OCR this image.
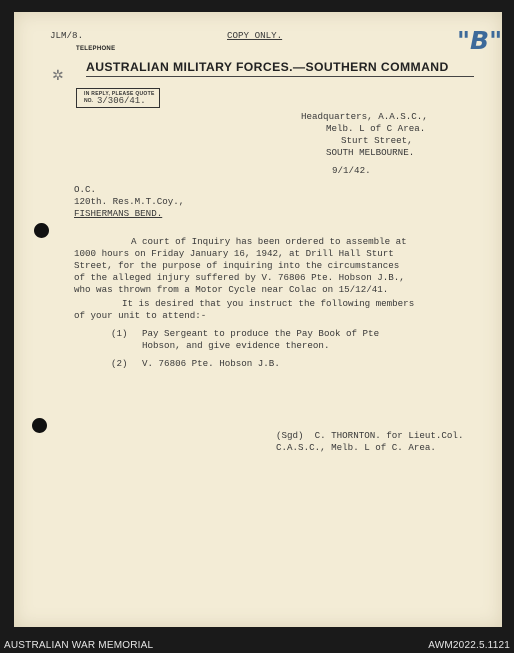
✲
JLM/8.	COPY ONLY.	"B"
TELEPHONE
AUSTRALIAN MILITARY FORCES.—SOUTHERN COMMAND
IN REPLY, PLEASE QUOTE
NO. 3/306/41.
Headquarters, A.A.S.C.,
Melb. L of C Area.
Sturt Street,
SOUTH MELBOURNE.
9/1/42.
O.C.
120th. Res.M.T.Coy.,
FISHERMANS BEND.
A court of Inquiry has been ordered to assemble at
1000 hours on Friday January 16, 1942, at Drill Hall Sturt
Street, for the purpose of inquiring into the circumstances
of the alleged injury suffered by V. 76806 Pte. Hobson J.B.,
who was thrown from a Motor Cycle near Colac on 15/12/41.
It is desired that you instruct the following members
of your unit to attend:-
(1) Pay Sergeant to produce the Pay Book of Pte
Hobson, and give evidence thereon.
(2) V. 76806 Pte. Hobson J.B.
(Sgd)  C. THORNTON. for Lieut.Col.
C.A.S.C., Melb. L of C. Area.
AUSTRALIAN WAR MEMORIAL	AWM2022.5.1121
